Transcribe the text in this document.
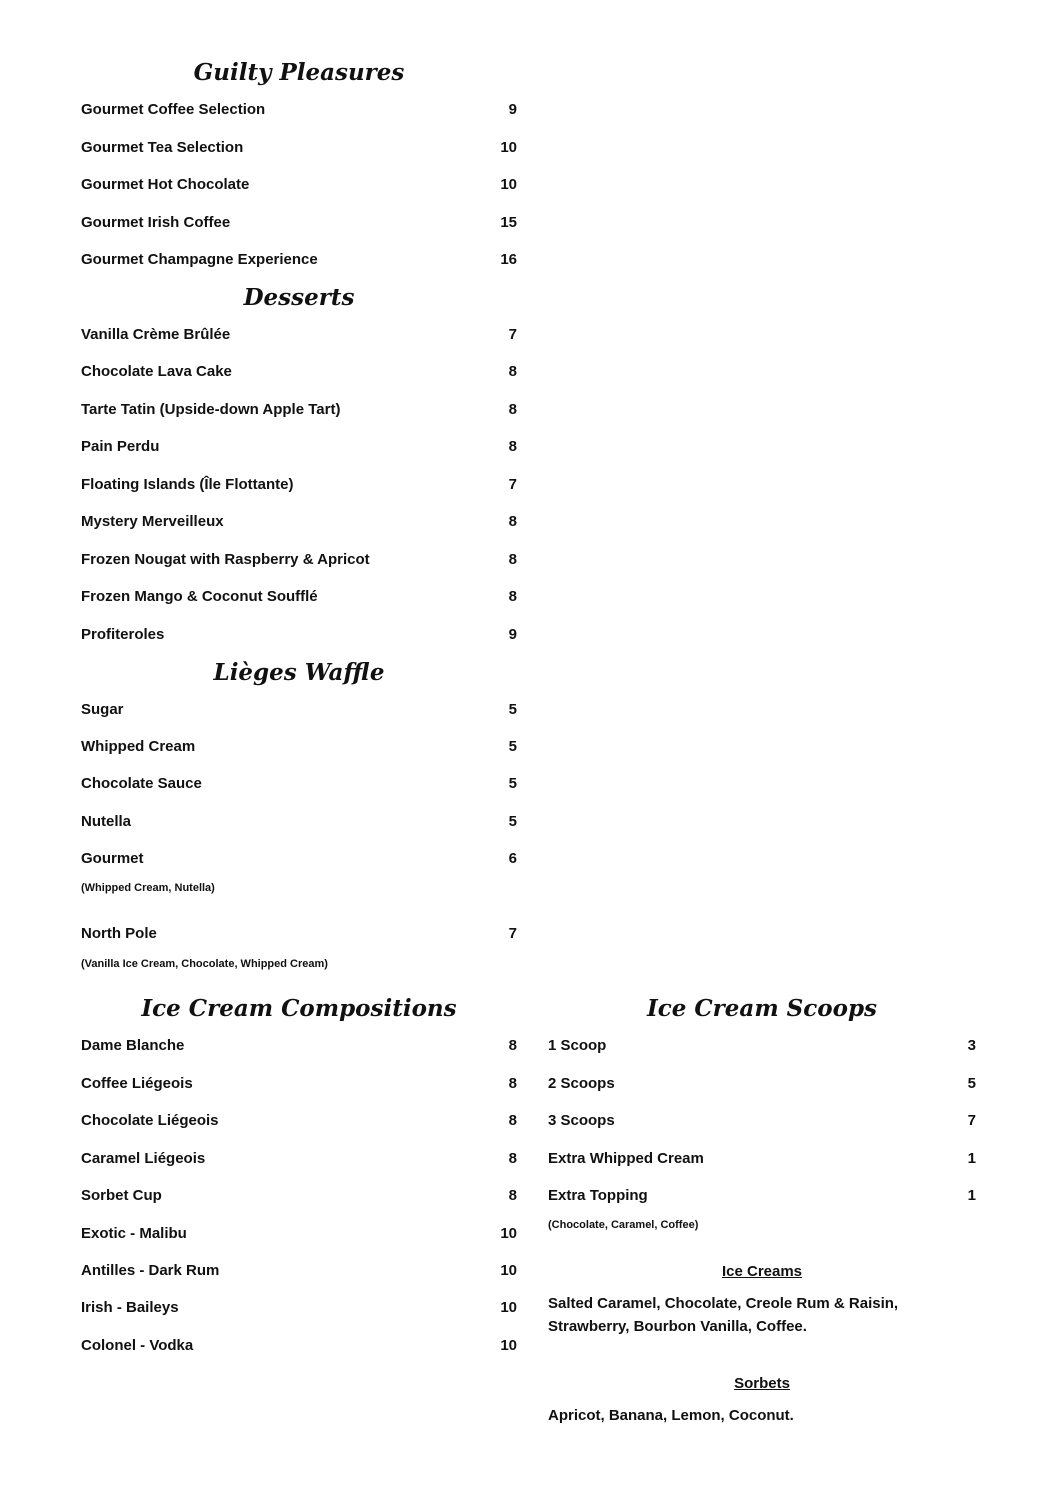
Guilty Pleasures
Gourmet Coffee Selection	9
Gourmet Tea Selection	10
Gourmet Hot Chocolate	10
Gourmet Irish Coffee	15
Gourmet Champagne Experience	16
Desserts
Vanilla Crème Brûlée	7
Chocolate Lava Cake	8
Tarte Tatin (Upside-down Apple Tart)	8
Pain Perdu	8
Floating Islands (Île Flottante)	7
Mystery Merveilleux	8
Frozen Nougat with Raspberry & Apricot	8
Frozen Mango & Coconut Soufflé	8
Profiteroles	9
Lièges Waffle
Sugar	5
Whipped Cream	5
Chocolate Sauce	5
Nutella	5
Gourmet	6
(Whipped Cream, Nutella)
North Pole	7
(Vanilla Ice Cream, Chocolate, Whipped Cream)
Ice Cream Compositions
Dame Blanche	8
Coffee Liégeois	8
Chocolate Liégeois	8
Caramel Liégeois	8
Sorbet Cup	8
Exotic - Malibu	10
Antilles - Dark Rum	10
Irish - Baileys	10
Colonel - Vodka	10
Ice Cream Scoops
1 Scoop	3
2 Scoops	5
3 Scoops	7
Extra Whipped Cream	1
Extra Topping	1
(Chocolate, Caramel, Coffee)
Ice Creams
Salted Caramel, Chocolate, Creole Rum & Raisin, Strawberry, Bourbon Vanilla, Coffee.
Sorbets
Apricot, Banana, Lemon, Coconut.
